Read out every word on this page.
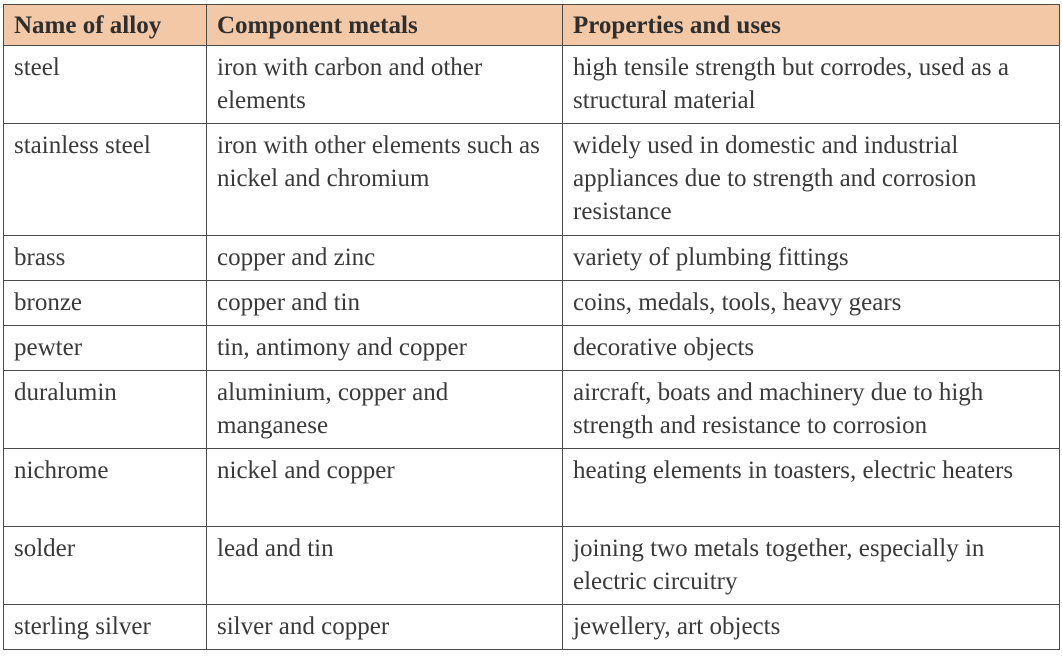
Name of alloy	Component metals	Properties and uses
steel	iron with carbon and other elements	high tensile strength but corrodes, used as a structural material
stainless steel	iron with other elements such as nickel and chromium	widely used in domestic and industrial appliances due to strength and corrosion resistance
brass	copper and zinc	variety of plumbing fittings
bronze	copper and tin	coins, medals, tools, heavy gears
pewter	tin, antimony and copper	decorative objects
duralumin	aluminium, copper and manganese	aircraft, boats and machinery due to high strength and resistance to corrosion
nichrome	nickel and copper	heating elements in toasters, electric heaters
solder	lead and tin	joining two metals together, especially in electric circuitry
sterling silver	silver and copper	jewellery, art objects
